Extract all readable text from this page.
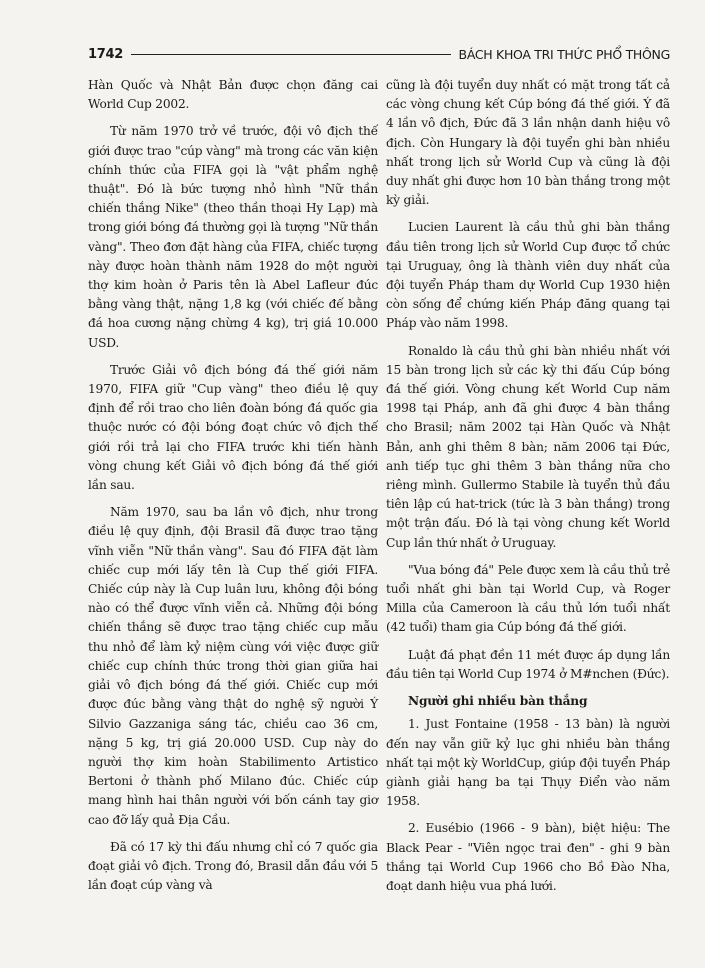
1742	BÁCH KHOA TRI THỨC PHỔ THÔNG

Hàn Quốc và Nhật Bản được chọn đăng cai World Cup 2002.

Từ năm 1970 trở về trước, đội vô địch thế giới được trao "cúp vàng" mà trong các văn kiện chính thức của FIFA gọi là "vật phẩm nghệ thuật". Đó là bức tượng nhỏ hình "Nữ thần chiến thắng Nike" (theo thần thoại Hy Lạp) mà trong giới bóng đá thường gọi là tượng "Nữ thần vàng". Theo đơn đặt hàng của FIFA, chiếc tượng này được hoàn thành năm 1928 do một người thợ kim hoàn ở Paris tên là Abel Lafleur đúc bằng vàng thật, nặng 1,8 kg (với chiếc đế bằng đá hoa cương nặng chừng 4 kg), trị giá 10.000 USD.

Trước Giải vô địch bóng đá thế giới năm 1970, FIFA giữ "Cup vàng" theo điều lệ quy định để rồi trao cho liên đoàn bóng đá quốc gia thuộc nước có đội bóng đoạt chức vô địch thế giới rồi trả lại cho FIFA trước khi tiến hành vòng chung kết Giải vô địch bóng đá thế giới lần sau.

Năm 1970, sau ba lần vô địch, như trong điều lệ quy định, đội Brasil đã được trao tặng vĩnh viễn "Nữ thần vàng". Sau đó FIFA đặt làm chiếc cup mới lấy tên là Cup thế giới FIFA. Chiếc cúp này là Cup luân lưu, không đội bóng nào có thể được vĩnh viễn cả. Những đội bóng chiến thắng sẽ được trao tặng chiếc cup mẫu thu nhỏ để làm kỷ niệm cùng với việc được giữ chiếc cup chính thức trong thời gian giữa hai giải vô địch bóng đá thế giới. Chiếc cup mới được đúc bằng vàng thật do nghệ sỹ người Ý Silvio Gazzaniga sáng tác, chiều cao 36 cm, nặng 5 kg, trị giá 20.000 USD. Cup này do người thợ kim hoàn Stabilimento Artistico Bertoni ở thành phố Milano đúc. Chiếc cúp mang hình hai thân người với bốn cánh tay giơ cao đỡ lấy quả Địa Cầu.

Đã có 17 kỳ thi đấu nhưng chỉ có 7 quốc gia đoạt giải vô địch. Trong đó, Brasil dẫn đầu với 5 lần đoạt cúp vàng và

cũng là đội tuyển duy nhất có mặt trong tất cả các vòng chung kết Cúp bóng đá thế giới. Ý đã 4 lần vô địch, Đức đã 3 lần nhận danh hiệu vô địch. Còn Hungary là đội tuyển ghi bàn nhiều nhất trong lịch sử World Cup và cũng là đội duy nhất ghi được hơn 10 bàn thắng trong một kỳ giải.

Lucien Laurent là cầu thủ ghi bàn thắng đầu tiên trong lịch sử World Cup được tổ chức tại Uruguay, ông là thành viên duy nhất của đội tuyển Pháp tham dự World Cup 1930 hiện còn sống để chứng kiến Pháp đăng quang tại Pháp vào năm 1998.

Ronaldo là cầu thủ ghi bàn nhiều nhất với 15 bàn trong lịch sử các kỳ thi đấu Cúp bóng đá thế giới. Vòng chung kết World Cup năm 1998 tại Pháp, anh đã ghi được 4 bàn thắng cho Brasil; năm 2002 tại Hàn Quốc và Nhật Bản, anh ghi thêm 8 bàn; năm 2006 tại Đức, anh tiếp tục ghi thêm 3 bàn thắng nữa cho riêng mình. Gullermo Stabile là tuyển thủ đầu tiên lập cú hat-trick (tức là 3 bàn thắng) trong một trận đấu. Đó là tại vòng chung kết World Cup lần thứ nhất ở Uruguay.

"Vua bóng đá" Pele được xem là cầu thủ trẻ tuổi nhất ghi bàn tại World Cup, và Roger Milla của Cameroon là cầu thủ lớn tuổi nhất (42 tuổi) tham gia Cúp bóng đá thế giới.

Luật đá phạt đền 11 mét được áp dụng lần đầu tiên tại World Cup 1974 ở M#nchen (Đức).

Người ghi nhiều bàn thắng

1. Just Fontaine (1958 - 13 bàn) là người đến nay vẫn giữ kỷ lục ghi nhiều bàn thắng nhất tại một kỳ WorldCup, giúp đội tuyển Pháp giành giải hạng ba tại Thụy Điển vào năm 1958.

2. Eusébio (1966 - 9 bàn), biệt hiệu: The Black Pear - "Viên ngọc trai đen" - ghi 9 bàn thắng tại World Cup 1966 cho Bồ Đào Nha, đoạt danh hiệu vua phá lưới.
